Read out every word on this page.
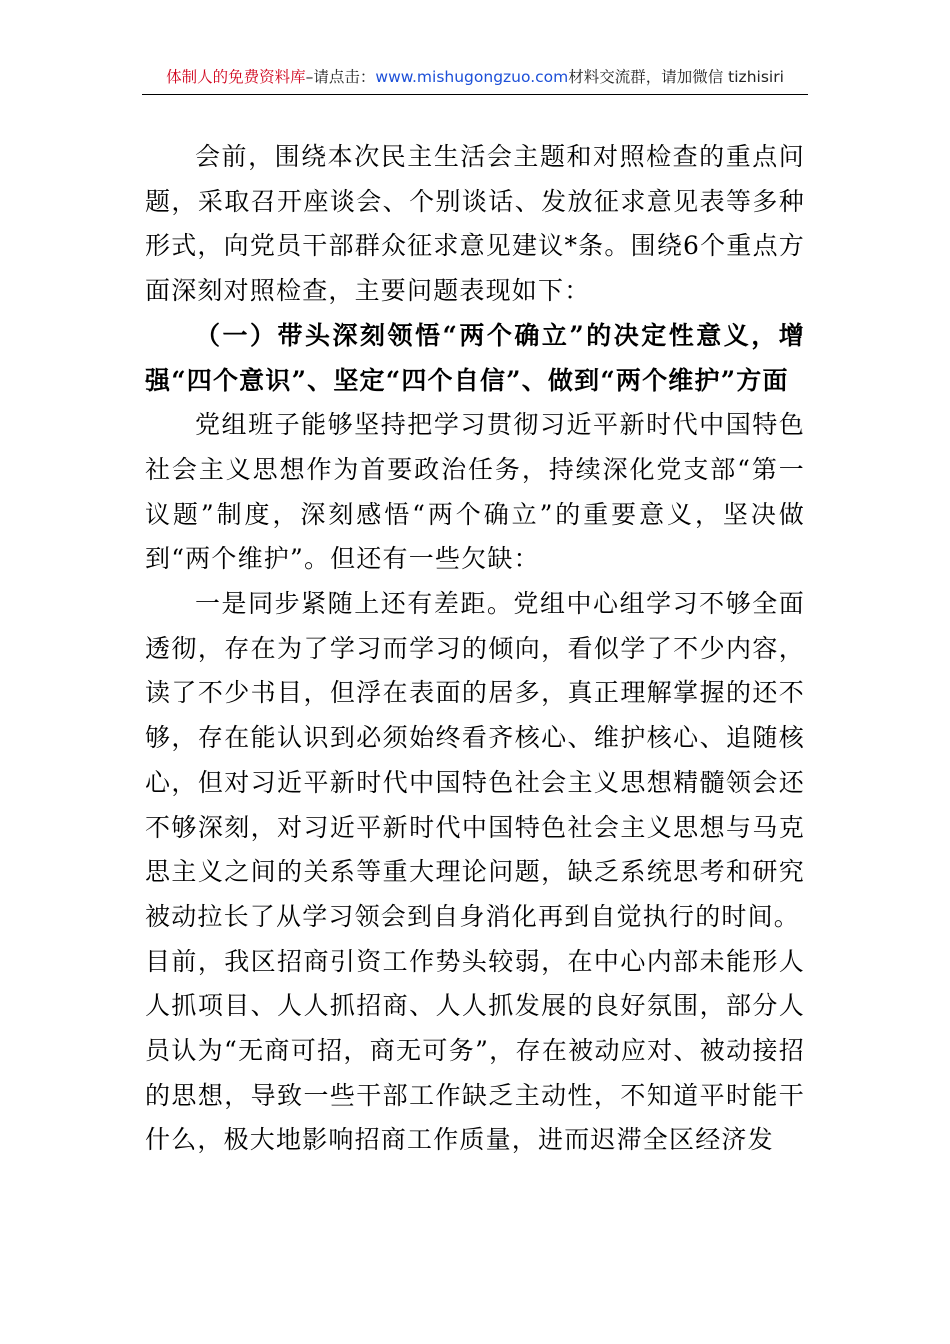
体制人的免费资料库–请点击：www.mishugongzuo.com材料交流群，请加微信 tizhisiri

会前，围绕本次民主生活会主题和对照检查的重点问题，采取召开座谈会、个别谈话、发放征求意见表等多种形式，向党员干部群众征求意见建议*条。围绕6个重点方面深刻对照检查，主要问题表现如下：

（一）带头深刻领悟“两个确立”的决定性意义，增强“四个意识”、坚定“四个自信”、做到“两个维护”方面

党组班子能够坚持把学习贯彻习近平新时代中国特色社会主义思想作为首要政治任务，持续深化党支部“第一议题”制度，深刻感悟“两个确立”的重要意义，坚决做到“两个维护”。但还有一些欠缺：

一是同步紧随上还有差距。党组中心组学习不够全面透彻，存在为了学习而学习的倾向，看似学了不少内容，读了不少书目，但浮在表面的居多，真正理解掌握的还不够，存在能认识到必须始终看齐核心、维护核心、追随核心，但对习近平新时代中国特色社会主义思想精髓领会还不够深刻，对习近平新时代中国特色社会主义思想与马克思主义之间的关系等重大理论问题，缺乏系统思考和研究被动拉长了从学习领会到自身消化再到自觉执行的时间。

目前，我区招商引资工作势头较弱，在中心内部未能形人人抓项目、人人抓招商、人人抓发展的良好氛围，部分人员认为“无商可招，商无可务”，存在被动应对、被动接招的思想，导致一些干部工作缺乏主动性，不知道平时能干什么，极大地影响招商工作质量，进而迟滞全区经济发
